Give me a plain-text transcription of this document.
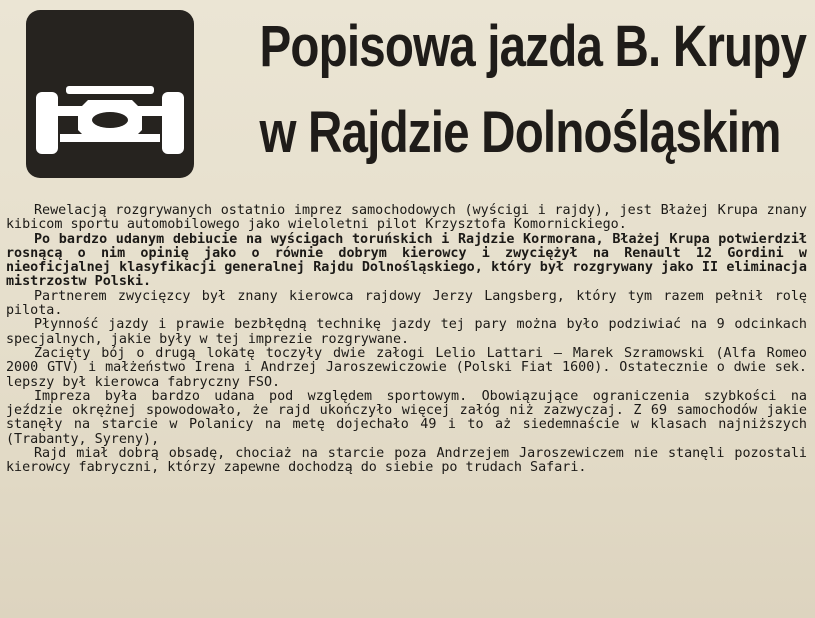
Popisowa jazda B. Krupy
w Rajdzie Dolnośląskim

Rewelacją rozgrywanych ostatnio imprez samochodowych (wyścigi i rajdy), jest Błażej Krupa znany kibicom sportu automobilowego jako wieloletni pilot Krzysztofa Komornickiego.

Po bardzo udanym debiucie na wyścigach toruńskich i Rajdzie Kormorana, Błażej Krupa potwierdził rosnącą o nim opinię jako o równie dobrym kierowcy i zwyciężył na Renault 12 Gordini w nieoficjalnej klasyfikacji generalnej Rajdu Dolnośląskiego, który był rozgrywany jako II eliminacja mistrzostw Polski.

Partnerem zwycięzcy był znany kierowca rajdowy Jerzy Langsberg, który tym razem pełnił rolę pilota.

Płynność jazdy i prawie bezbłędną technikę jazdy tej pary można było podziwiać na 9 odcinkach specjalnych, jakie były w tej imprezie rozgrywane.

Zacięty bój o drugą lokatę toczyły dwie załogi Lelio Lattari — Marek Szramowski (Alfa Romeo 2000 GTV) i małżeństwo Irena i Andrzej Jaroszewiczowie (Polski Fiat 1600). Ostatecznie o dwie sek. lepszy był kierowca fabryczny FSO.

Impreza była bardzo udana pod względem sportowym. Obowiązujące ograniczenia szybkości na jeździe okrężnej spowodowało, że rajd ukończyło więcej załóg niż zazwyczaj. Z 69 samochodów jakie stanęły na starcie w Polanicy na metę dojechało 49 i to aż siedemnaście w klasach najniższych (Trabanty, Syreny),

Rajd miał dobrą obsadę, chociaż na starcie poza Andrzejem Jaroszewiczem nie stanęli pozostali kierowcy fabryczni, którzy zapewne dochodzą do siebie po trudach Safari.
